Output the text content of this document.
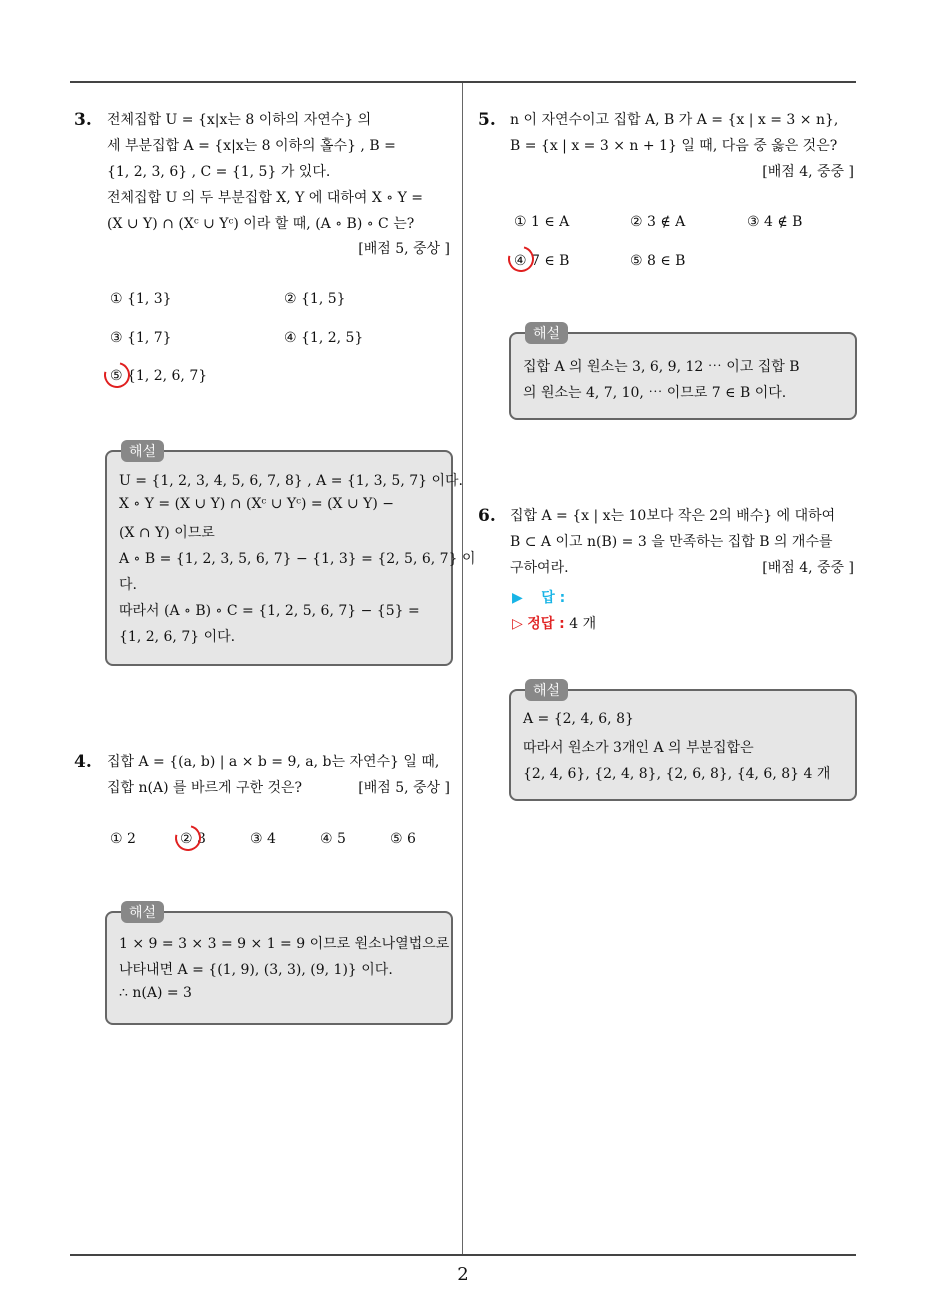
2
3. 전체집합 U = {x|x는 8 이하의 자연수} 의
세 부분집합 A = {x|x는 8 이하의 홀수} , B =
{1, 2, 3, 6} , C = {1, 5} 가 있다.
전체집합 U 의 두 부분집합 X, Y 에 대하여 X ∘ Y =
(X ∪ Y) ∩ (Xᶜ ∪ Yᶜ) 이라 할 때, (A ∘ B) ∘ C 는?
[배점 5, 중상 ]
① {1, 3}	② {1, 5}
③ {1, 7}	④ {1, 2, 5}
⑤ {1, 2, 6, 7}
해설
U = {1, 2, 3, 4, 5, 6, 7, 8} , A = {1, 3, 5, 7} 이다.
X ∘ Y = (X ∪ Y) ∩ (Xᶜ ∪ Yᶜ) = (X ∪ Y) −
(X ∩ Y) 이므로
A ∘ B = {1, 2, 3, 5, 6, 7} − {1, 3} = {2, 5, 6, 7} 이
다.
따라서 (A ∘ B) ∘ C = {1, 2, 5, 6, 7} − {5} =
{1, 2, 6, 7} 이다.
4. 집합 A = {(a, b) | a × b = 9, a, b는 자연수} 일 때,
집합 n(A) 를 바르게 구한 것은?	[배점 5, 중상 ]
① 2	② 3	③ 4	④ 5	⑤ 6
해설
1 × 9 = 3 × 3 = 9 × 1 = 9 이므로 원소나열법으로
나타내면 A = {(1, 9), (3, 3), (9, 1)} 이다.
∴ n(A) = 3
5. n 이 자연수이고 집합 A, B 가 A = {x | x = 3 × n},
B = {x | x = 3 × n + 1} 일 때, 다음 중 옳은 것은?
[배점 4, 중중 ]
① 1 ∈ A	② 3 ∉ A	③ 4 ∉ B
④ 7 ∈ B	⑤ 8 ∈ B
해설
집합 A 의 원소는 3, 6, 9, 12 ⋯ 이고 집합 B
의 원소는 4, 7, 10, ⋯ 이므로 7 ∈ B 이다.
6. 집합 A = {x | x는 10보다 작은 2의 배수} 에 대하여
B ⊂ A 이고 n(B) = 3 을 만족하는 집합 B 의 개수를
구하여라.	[배점 4, 중중 ]
▶ 답 :
▷ 정답 : 4 개
해설
A = {2, 4, 6, 8}
따라서 원소가 3개인 A 의 부분집합은
{2, 4, 6}, {2, 4, 8}, {2, 6, 8}, {4, 6, 8} 4 개
